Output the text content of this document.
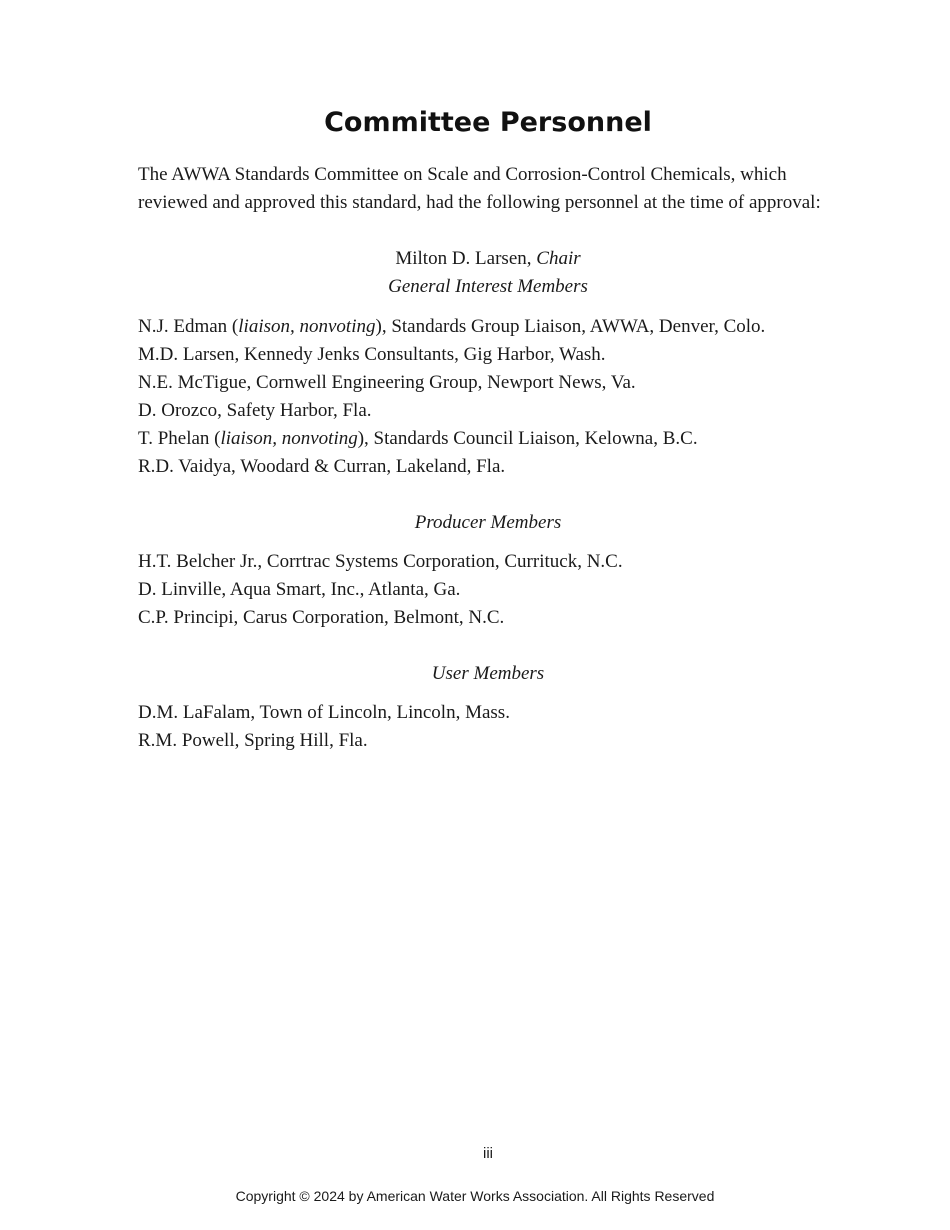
Committee Personnel

The AWWA Standards Committee on Scale and Corrosion-Control Chemicals, which reviewed and approved this standard, had the following personnel at the time of approval:

Milton D. Larsen, Chair
General Interest Members
N.J. Edman (liaison, nonvoting), Standards Group Liaison, AWWA, Denver, Colo.
M.D. Larsen, Kennedy Jenks Consultants, Gig Harbor, Wash.
N.E. McTigue, Cornwell Engineering Group, Newport News, Va.
D. Orozco, Safety Harbor, Fla.
T. Phelan (liaison, nonvoting), Standards Council Liaison, Kelowna, B.C.
R.D. Vaidya, Woodard & Curran, Lakeland, Fla.
Producer Members
H.T. Belcher Jr., Corrtrac Systems Corporation, Currituck, N.C.
D. Linville, Aqua Smart, Inc., Atlanta, Ga.
C.P. Principi, Carus Corporation, Belmont, N.C.
User Members
D.M. LaFalam, Town of Lincoln, Lincoln, Mass.
R.M. Powell, Spring Hill, Fla.
iii
Copyright © 2024 by American Water Works Association. All Rights Reserved
